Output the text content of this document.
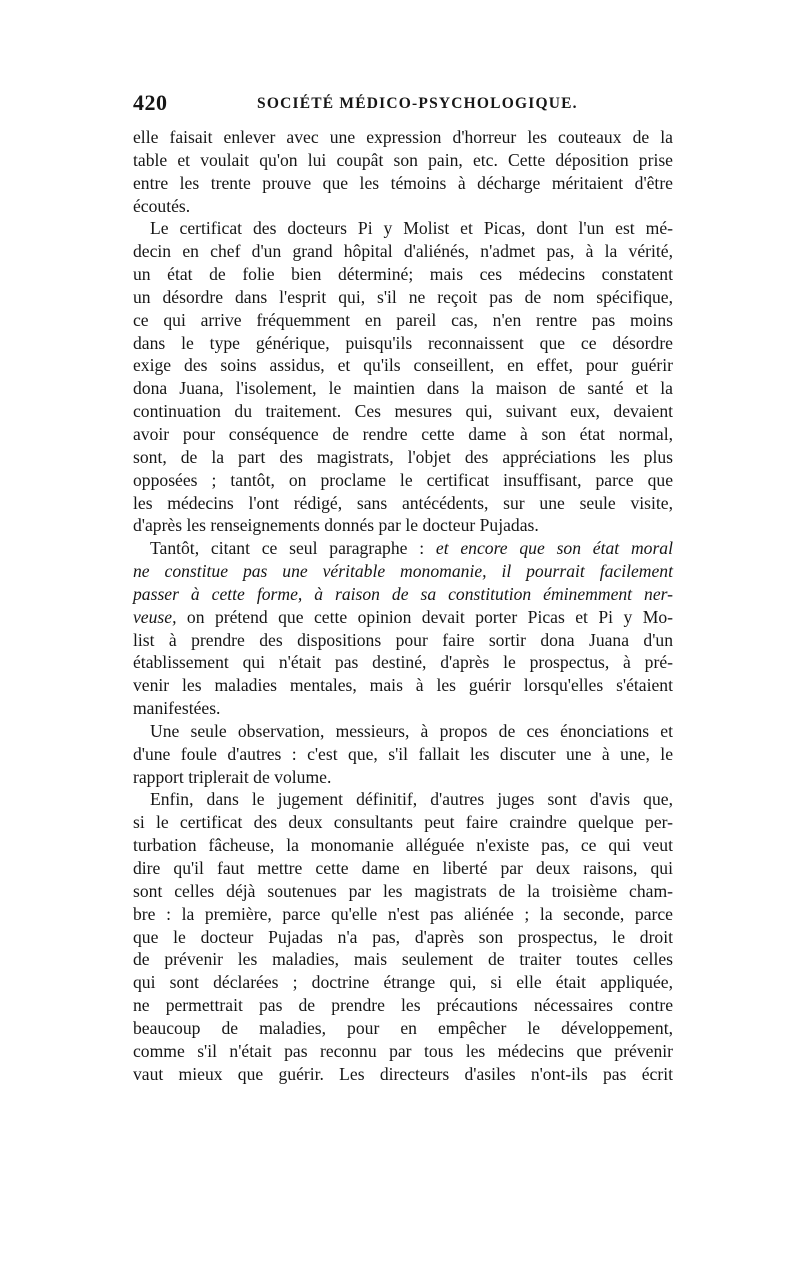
420	SOCIÉTÉ MÉDICO-PSYCHOLOGIQUE.
elle faisait enlever avec une expression d'horreur les couteaux de la
table et voulait qu'on lui coupât son pain, etc. Cette déposition prise
entre les trente prouve que les témoins à décharge méritaient d'être
écoutés.
Le certificat des docteurs Pi y Molist et Picas, dont l'un est mé-
decin en chef d'un grand hôpital d'aliénés, n'admet pas, à la vérité,
un état de folie bien déterminé; mais ces médecins constatent
un désordre dans l'esprit qui, s'il ne reçoit pas de nom spécifique,
ce qui arrive fréquemment en pareil cas, n'en rentre pas moins
dans le type générique, puisqu'ils reconnaissent que ce désordre
exige des soins assidus, et qu'ils conseillent, en effet, pour guérir
dona Juana, l'isolement, le maintien dans la maison de santé et la
continuation du traitement. Ces mesures qui, suivant eux, devaient
avoir pour conséquence de rendre cette dame à son état normal,
sont, de la part des magistrats, l'objet des appréciations les plus
opposées ; tantôt, on proclame le certificat insuffisant, parce que
les médecins l'ont rédigé, sans antécédents, sur une seule visite,
d'après les renseignements donnés par le docteur Pujadas.
Tantôt, citant ce seul paragraphe : et encore que son état moral
ne constitue pas une véritable monomanie, il pourrait facilement
passer à cette forme, à raison de sa constitution éminemment ner-
veuse, on prétend que cette opinion devait porter Picas et Pi y Mo-
list à prendre des dispositions pour faire sortir dona Juana d'un
établissement qui n'était pas destiné, d'après le prospectus, à pré-
venir les maladies mentales, mais à les guérir lorsqu'elles s'étaient
manifestées.
Une seule observation, messieurs, à propos de ces énonciations et
d'une foule d'autres : c'est que, s'il fallait les discuter une à une, le
rapport triplerait de volume.
Enfin, dans le jugement définitif, d'autres juges sont d'avis que,
si le certificat des deux consultants peut faire craindre quelque per-
turbation fâcheuse, la monomanie alléguée n'existe pas, ce qui veut
dire qu'il faut mettre cette dame en liberté par deux raisons, qui
sont celles déjà soutenues par les magistrats de la troisième cham-
bre : la première, parce qu'elle n'est pas aliénée ; la seconde, parce
que le docteur Pujadas n'a pas, d'après son prospectus, le droit
de prévenir les maladies, mais seulement de traiter toutes celles
qui sont déclarées ; doctrine étrange qui, si elle était appliquée,
ne permettrait pas de prendre les précautions nécessaires contre
beaucoup de maladies, pour en empêcher le développement,
comme s'il n'était pas reconnu par tous les médecins que prévenir
vaut mieux que guérir. Les directeurs d'asiles n'ont-ils pas écrit
